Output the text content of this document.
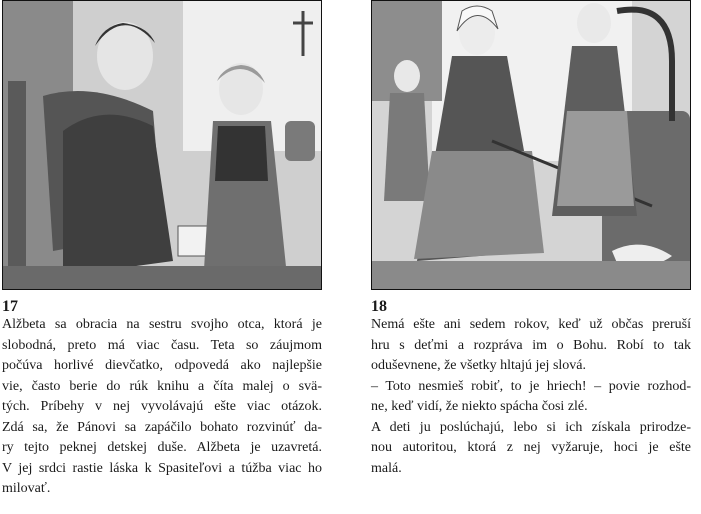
17

Alžbeta sa obracia na sestru svojho otca, ktorá je

slobodná, preto má viac času. Teta so záujmom

počúva horlivé dievčatko, odpovedá ako najlepšie

vie, často berie do rúk knihu a číta malej o svä-

tých. Príbehy v nej vyvolávajú ešte viac otázok.

Zdá sa, že Pánovi sa zapáčilo bohato rozvinúť da-

ry tejto peknej detskej duše. Alžbeta je uzavretá.

V jej srdci rastie láska k Spasiteľovi a túžba viac ho

milovať.

18

Nemá ešte ani sedem rokov, keď už občas preruší

hru s deťmi a rozpráva im o Bohu. Robí to tak

oduševnene, že všetky hltajú jej slová.

– Toto nesmieš robiť, to je hriech! – povie rozhod-

ne, keď vidí, že niekto spácha čosi zlé.

A deti ju poslúchajú, lebo si ich získala prirodze-

nou autoritou, ktorá z nej vyžaruje, hoci je ešte

malá.
